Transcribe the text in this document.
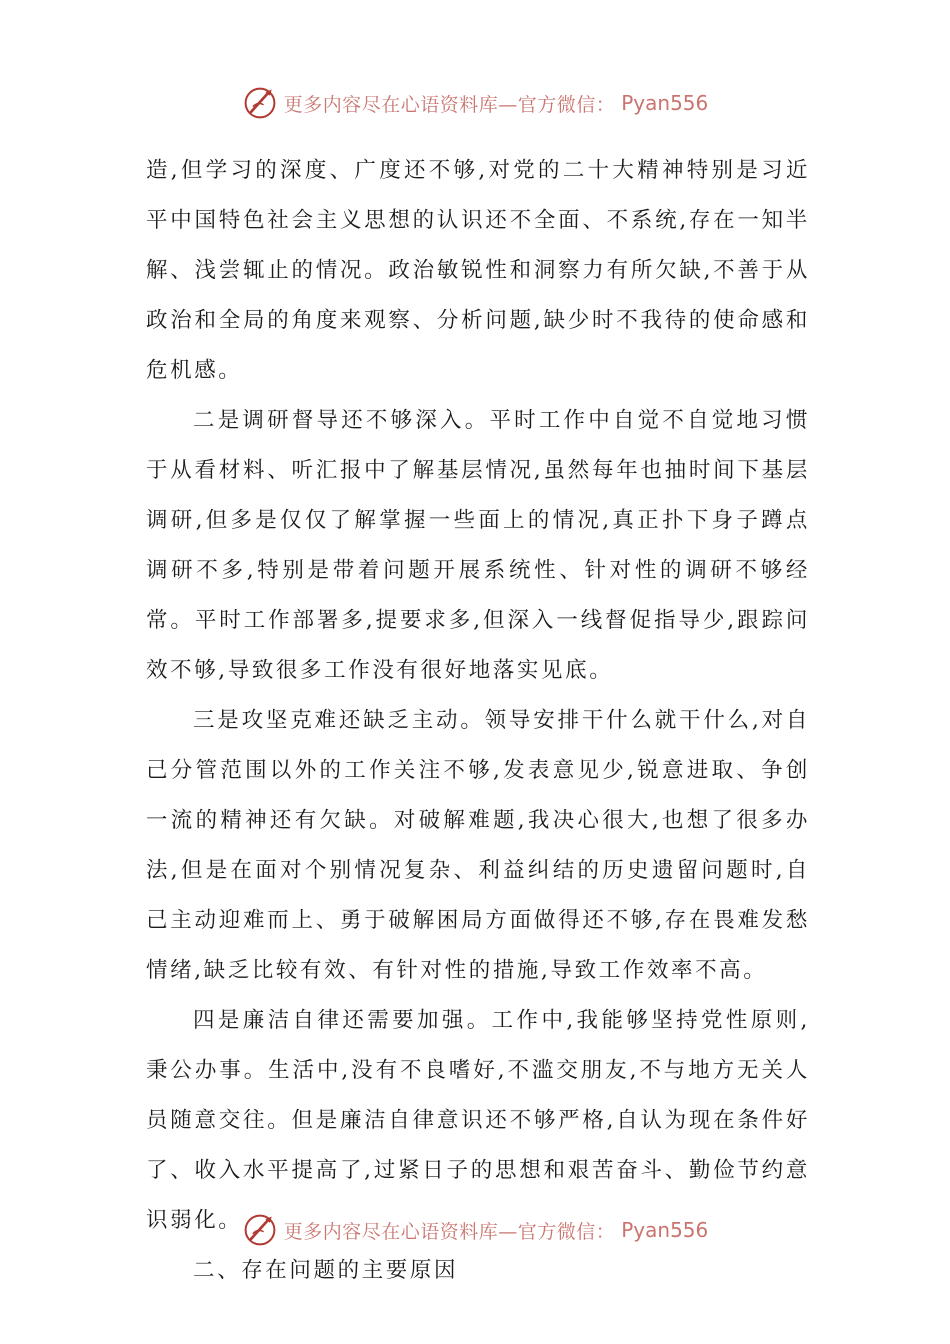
更多内容尽在心语资料库—官方微信： Pyan556

造,但学习的深度、广度还不够,对党的二十大精神特别是习近平中国特色社会主义思想的认识还不全面、不系统,存在一知半解、浅尝辄止的情况。政治敏锐性和洞察力有所欠缺,不善于从政治和全局的角度来观察、分析问题,缺少时不我待的使命感和危机感。

二是调研督导还不够深入。平时工作中自觉不自觉地习惯于从看材料、听汇报中了解基层情况,虽然每年也抽时间下基层调研,但多是仅仅了解掌握一些面上的情况,真正扑下身子蹲点调研不多,特别是带着问题开展系统性、针对性的调研不够经常。平时工作部署多,提要求多,但深入一线督促指导少,跟踪问效不够,导致很多工作没有很好地落实见底。

三是攻坚克难还缺乏主动。领导安排干什么就干什么,对自己分管范围以外的工作关注不够,发表意见少,锐意进取、争创一流的精神还有欠缺。对破解难题,我决心很大,也想了很多办法,但是在面对个别情况复杂、利益纠结的历史遗留问题时,自己主动迎难而上、勇于破解困局方面做得还不够,存在畏难发愁情绪,缺乏比较有效、有针对性的措施,导致工作效率不高。

四是廉洁自律还需要加强。工作中,我能够坚持党性原则,秉公办事。生活中,没有不良嗜好,不滥交朋友,不与地方无关人员随意交往。但是廉洁自律意识还不够严格,自认为现在条件好了、收入水平提高了,过紧日子的思想和艰苦奋斗、勤俭节约意识弱化。

二、存在问题的主要原因

更多内容尽在心语资料库—官方微信： Pyan556
